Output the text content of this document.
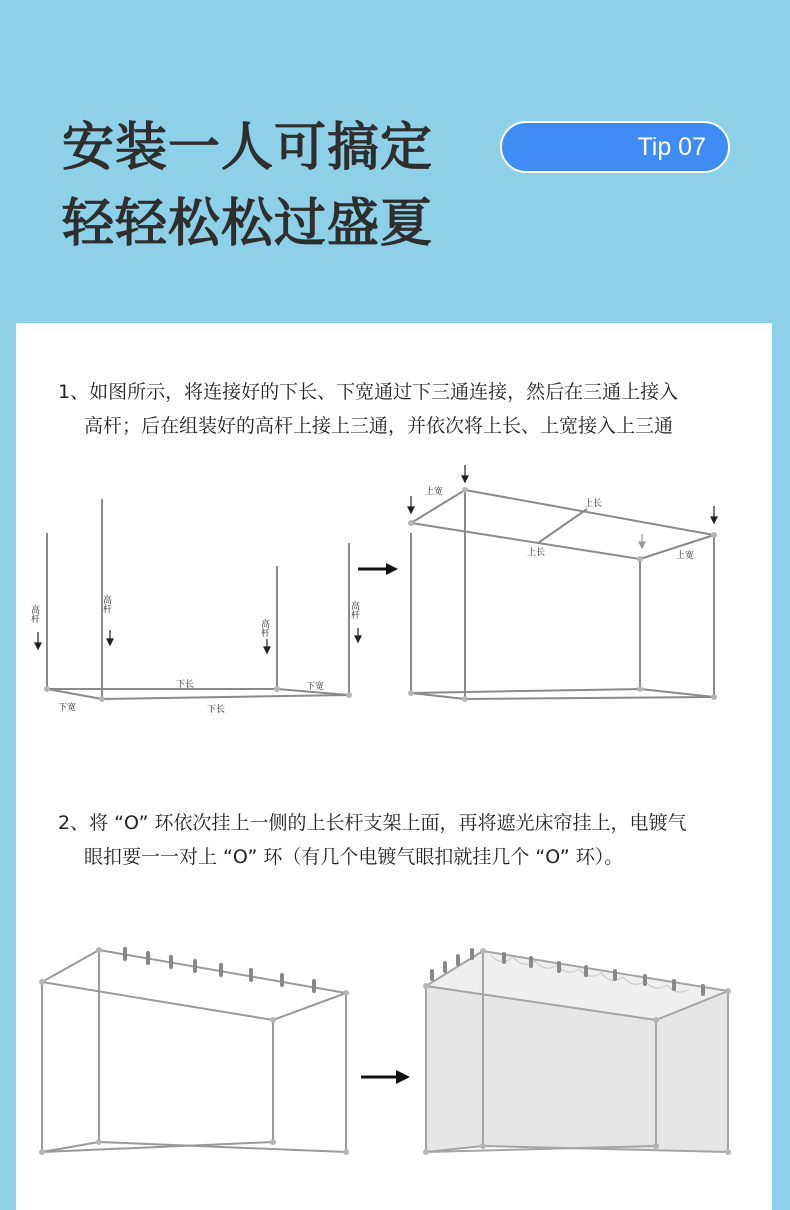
安装一人可搞定
轻轻松松过盛夏
Tip 07
1、如图所示，将连接好的下长、下宽通过下三通连接，然后在三通上接入
高杆；后在组装好的高杆上接上三通，并依次将上长、上宽接入上三通
高杆
高杆
高杆
高杆
下长	下宽
下宽	下长
上宽
上长
上长	上宽
2、将 “O” 环依次挂上一侧的上长杆支架上面，再将遮光床帘挂上，电镀气
眼扣要一一对上 “O” 环（有几个电镀气眼扣就挂几个 “O” 环）。
